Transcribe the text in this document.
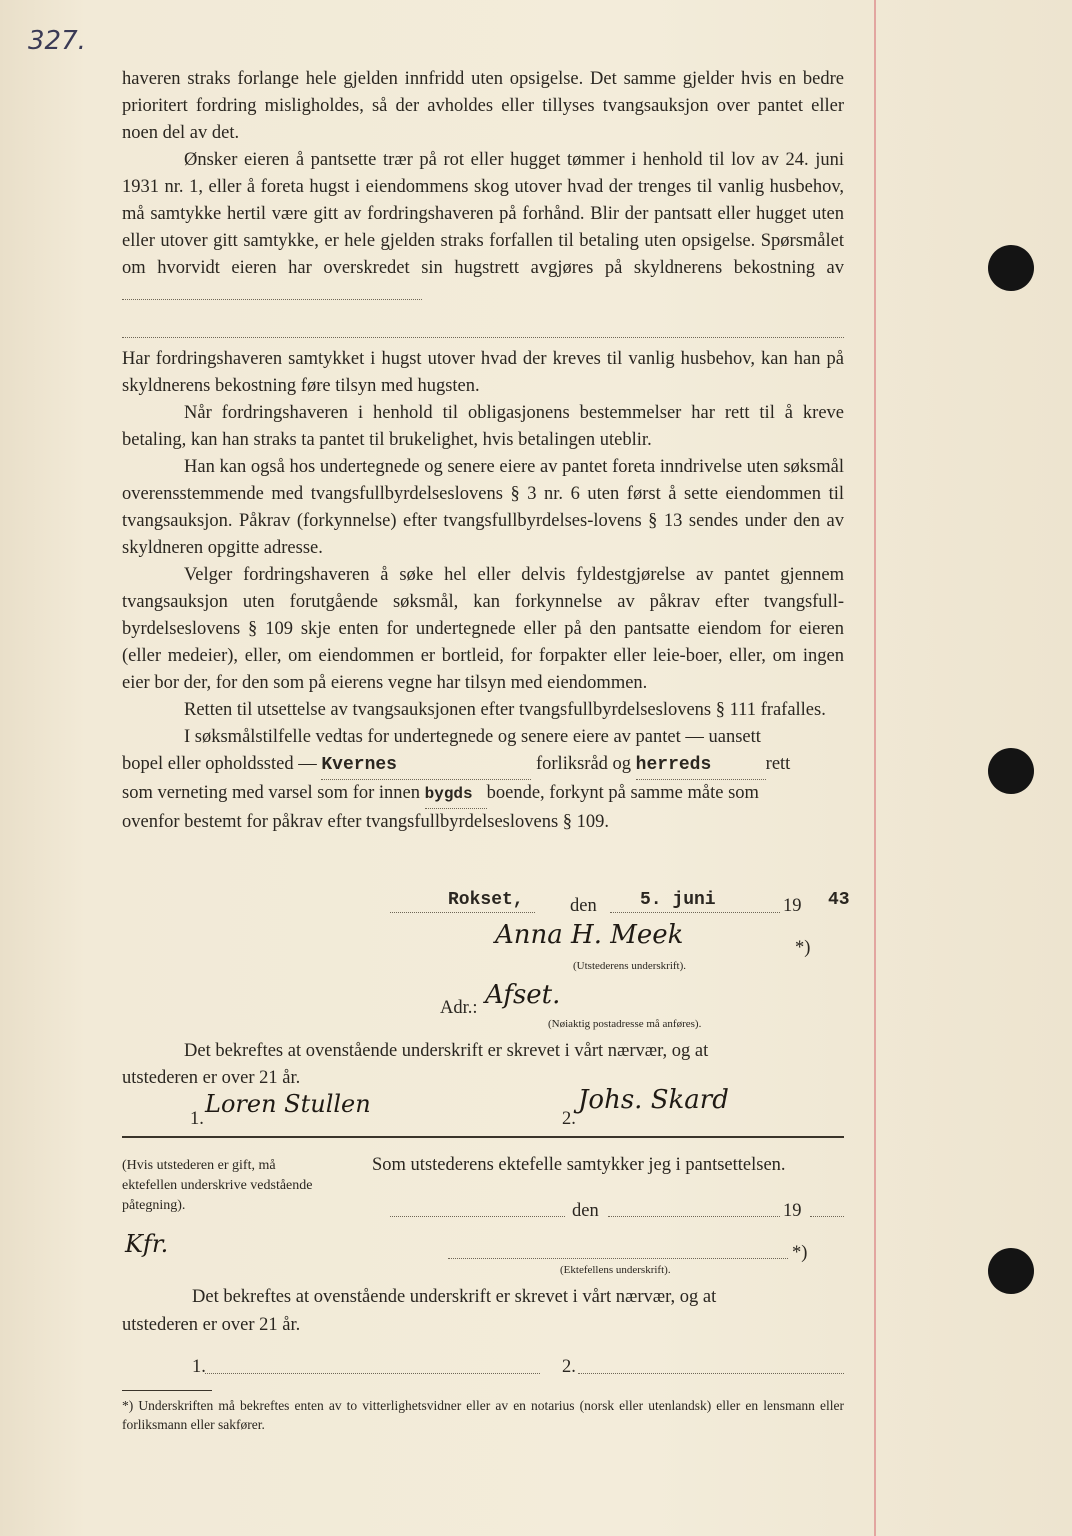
327.

haveren straks forlange hele gjelden innfridd uten opsigelse. Det samme gjelder hvis en bedre prioritert fordring misligholdes, så der avholdes eller tillyses tvangsauksjon over pantet eller noen del av det.

Ønsker eieren å pantsette trær på rot eller hugget tømmer i henhold til lov av 24. juni 1931 nr. 1, eller å foreta hugst i eiendommens skog utover hvad der trenges til vanlig husbehov, må samtykke hertil være gitt av fordringshaveren på forhånd. Blir der pantsatt eller hugget uten eller utover gitt samtykke, er hele gjelden straks forfallen til betaling uten opsigelse. Spørsmålet om hvorvidt eieren har overskredet sin hugstrett avgjøres på skyldnerens bekostning av

Har fordringshaveren samtykket i hugst utover hvad der kreves til vanlig husbehov, kan han på skyldnerens bekostning føre tilsyn med hugsten.

Når fordringshaveren i henhold til obligasjonens bestemmelser har rett til å kreve betaling, kan han straks ta pantet til brukelighet, hvis betalingen uteblir.

Han kan også hos undertegnede og senere eiere av pantet foreta inndrivelse uten søksmål overensstemmende med tvangsfullbyrdelseslovens § 3 nr. 6 uten først å sette eiendommen til tvangsauksjon. Påkrav (forkynnelse) efter tvangsfullbyrdelses-lovens § 13 sendes under den av skyldneren opgitte adresse.

Velger fordringshaveren å søke hel eller delvis fyldestgjørelse av pantet gjennem tvangsauksjon uten forutgående søksmål, kan forkynnelse av påkrav efter tvangsfull-byrdelseslovens § 109 skje enten for undertegnede eller på den pantsatte eiendom for eieren (eller medeier), eller, om eiendommen er bortleid, for forpakter eller leie-boer, eller, om ingen eier bor der, for den som på eierens vegne har tilsyn med eiendommen.

Retten til utsettelse av tvangsauksjonen efter tvangsfullbyrdelseslovens § 111 frafalles.

I søksmålstilfelle vedtas for undertegnede og senere eiere av pantet — uansett

bopel eller opholdssted — Kvernes	forliksråd og herreds	rett

som verneting med varsel som for innen bygds boende, forkynt på samme måte som

ovenfor bestemt for påkrav efter tvangsfullbyrdelseslovens § 109.

Rokset,	den 5. juni	19 43
Anna H. Meek	*)
(Utstederens underskrift).
Adr.: Afset.
(Nøiaktig postadresse må anføres).
Det bekreftes at ovenstående underskrift er skrevet i vårt nærvær, og at
utstederen er over 21 år.
1.
Loren Stullen
2.
Johs. Skard
(Hvis utstederen er gift, må ektefellen underskrive vedstående påtegning).
Som utstederens ektefelle samtykker jeg i pantsettelsen.
den	19
Kfr.	*)
(Ektefellens underskrift).
Det bekreftes at ovenstående underskrift er skrevet i vårt nærvær, og at
utstederen er over 21 år.
1.	2.
*) Underskriften må bekreftes enten av to vitterlighetsvidner eller av en notarius (norsk eller utenlandsk) eller en lensmann eller forliksmann eller sakfører.
